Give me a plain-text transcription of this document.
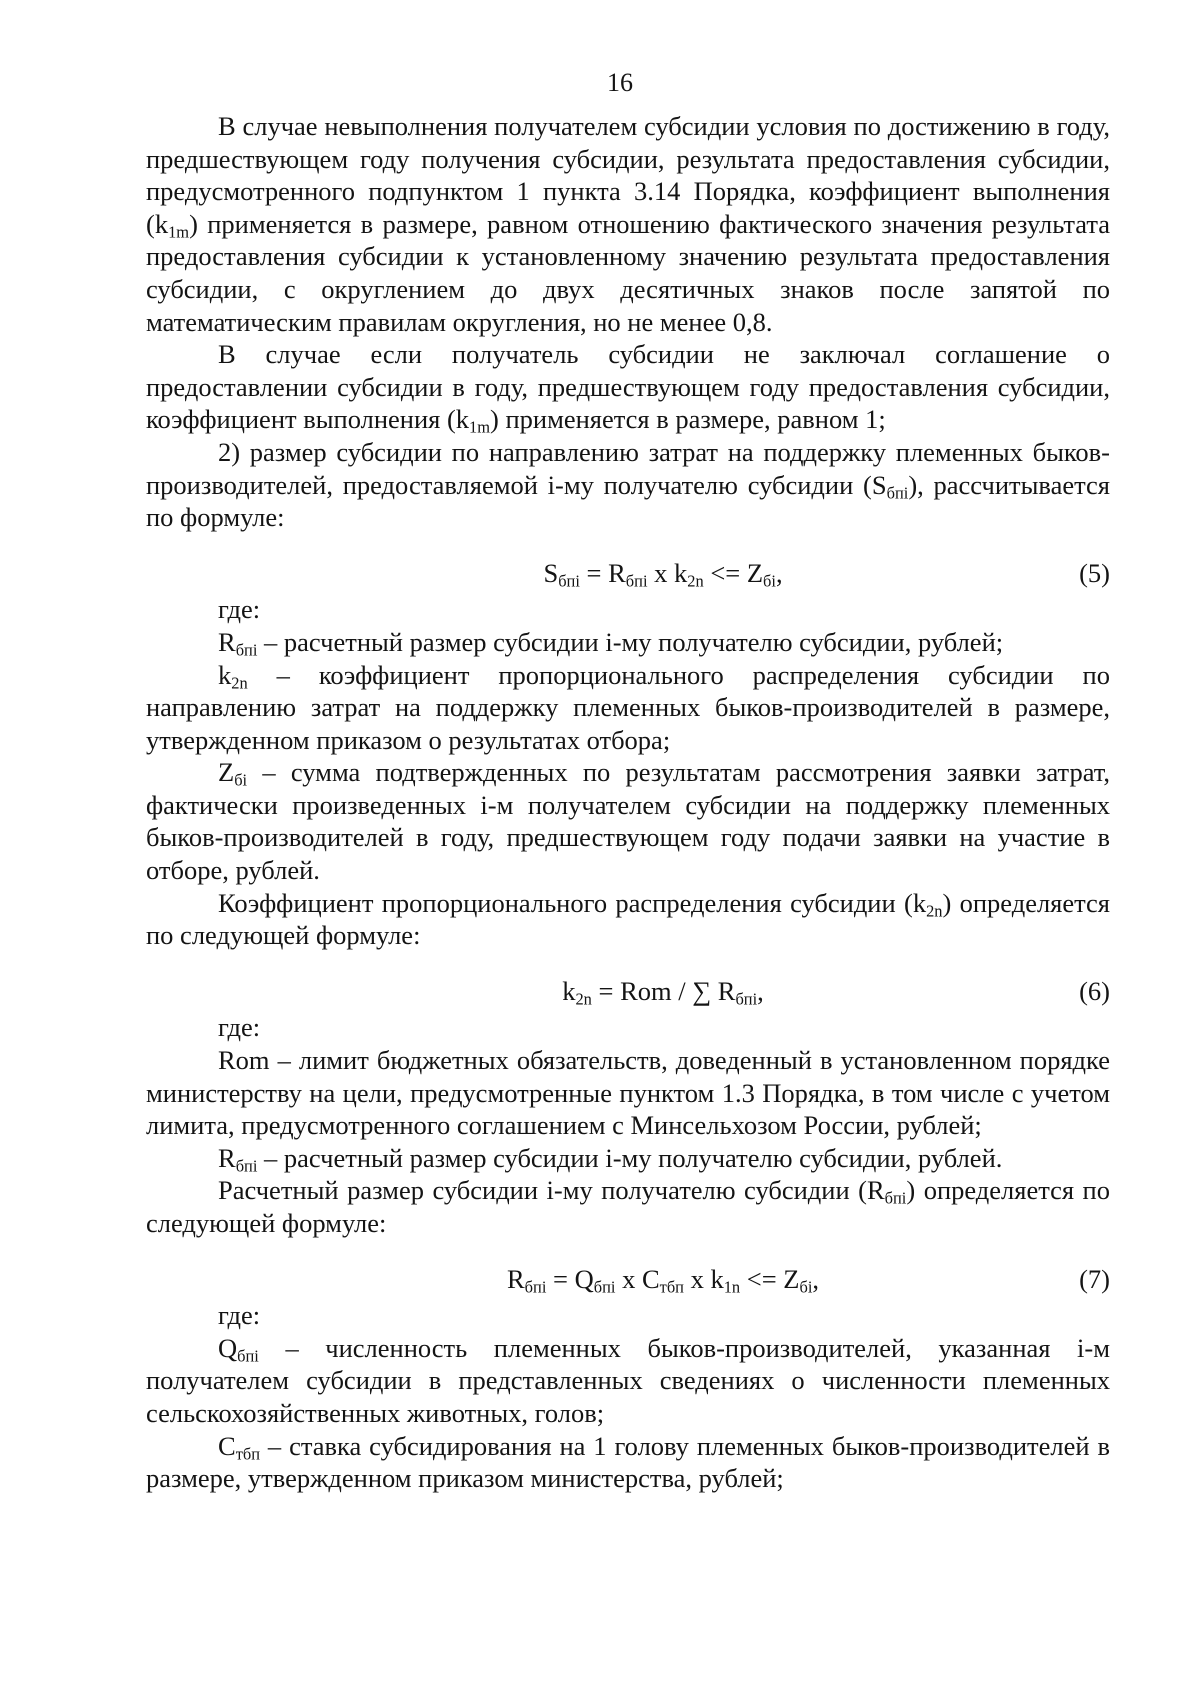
16

В случае невыполнения получателем субсидии условия по достижению в году, предшествующем году получения субсидии, результата предоставления субсидии, предусмотренного подпунктом 1 пункта 3.14 Порядка, коэффициент выполнения $(k_{1m})$ применяется в размере, равном отношению фактического значения результата предоставления субсидии к установленному значению результата предоставления субсидии, с округлением до двух десятичных знаков после запятой по математическим правилам округления, но не менее 0,8.

В случае если получатель субсидии не заключал соглашение о предоставлении субсидии в году, предшествующем году предоставления субсидии, коэффициент выполнения $(k_{1m})$ применяется в размере, равном 1;

2) размер субсидии по направлению затрат на поддержку племенных быков-производителей, предоставляемой i-му получателю субсидии $(S_{бпi})$, рассчитывается по формуле:

$S_{бпi} = R_{бпi}$ x $k_{2n} <= Z_{бi}$,	(5)
где:

$R_{бпi}$ – расчетный размер субсидии i-му получателю субсидии, рублей;

$k_{2n}$ – коэффициент пропорционального распределения субсидии по направлению затрат на поддержку племенных быков-производителей в размере, утвержденном приказом о результатах отбора;

$Z_{бi}$ – сумма подтвержденных по результатам рассмотрения заявки затрат, фактически произведенных i-м получателем субсидии на поддержку племенных быков-производителей в году, предшествующем году подачи заявки на участие в отборе, рублей.

Коэффициент пропорционального распределения субсидии $(k_{2n})$ определяется по следующей формуле:

$k_{2n}$ = Rom / ∑ $R_{бпi}$,	(6)
где:

Rom – лимит бюджетных обязательств, доведенный в установленном порядке министерству на цели, предусмотренные пунктом 1.3 Порядка, в том числе с учетом лимита, предусмотренного соглашением с Минсельхозом России, рублей;

$R_{бпi}$ – расчетный размер субсидии i-му получателю субсидии, рублей.

Расчетный размер субсидии i-му получателю субсидии $(R_{бпi})$ определяется по следующей формуле:

$R_{бпi} = Q_{бпi}$ x $С_{тбп}$ x $k_{1n} <= Z_{бi}$,	(7)
где:

$Q_{бпi}$ – численность племенных быков-производителей, указанная i-м получателем субсидии в представленных сведениях о численности племенных сельскохозяйственных животных, голов;

$С_{тбп}$ – ставка субсидирования на 1 голову племенных быков-производителей в размере, утвержденном приказом министерства, рублей;
